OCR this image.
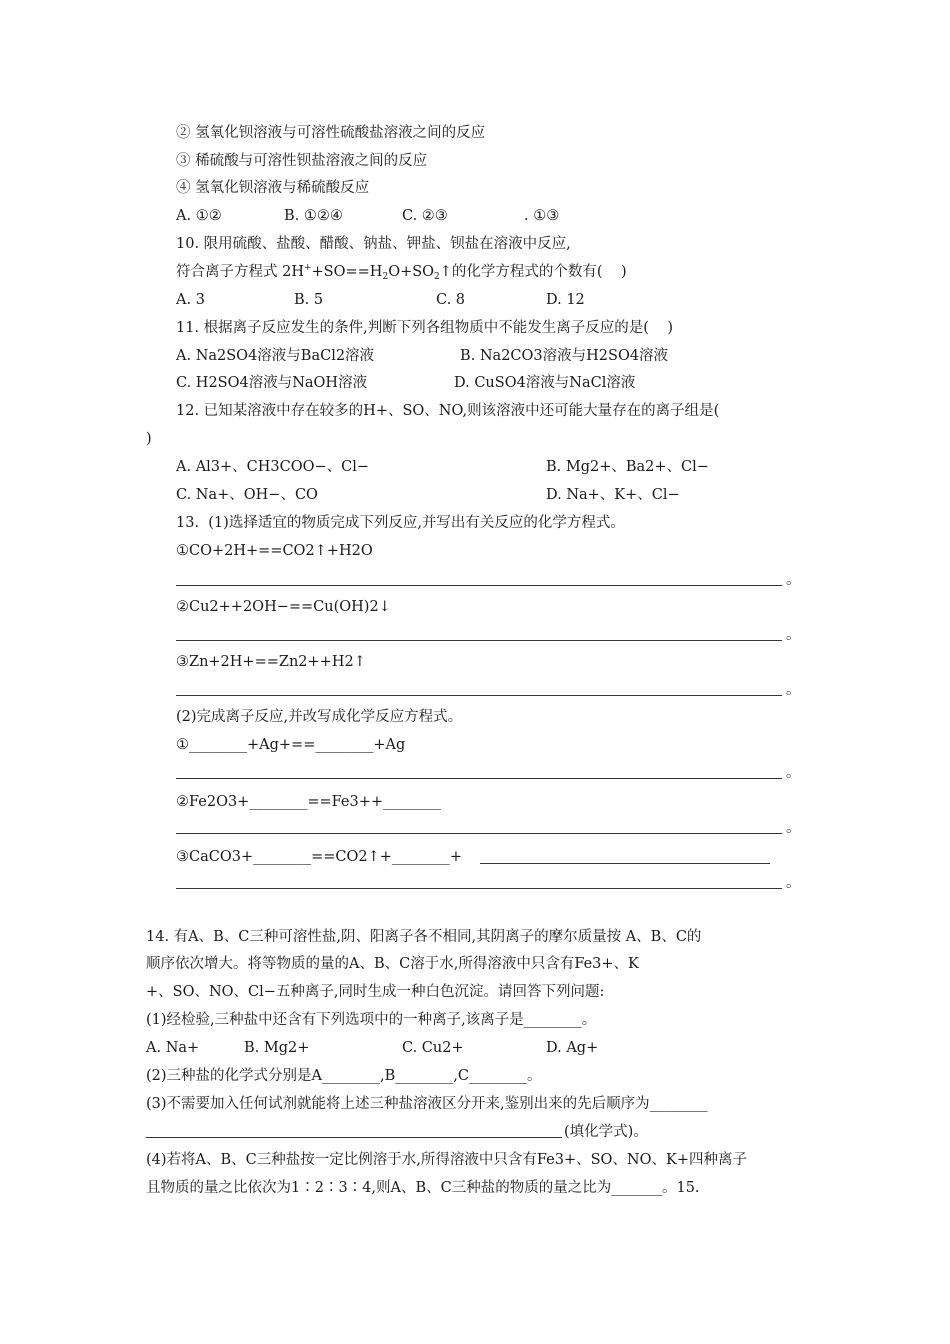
② 氢氧化钡溶液与可溶性硫酸盐溶液之间的反应
③ 稀硫酸与可溶性钡盐溶液之间的反应
④ 氢氧化钡溶液与稀硫酸反应
A. ①②	B. ①②④	C. ②③	. ①③
10. 限用硫酸、盐酸、醋酸、钠盐、钾盐、钡盐在溶液中反应,
符合离子方程式 $2H^++SO==H_2O+SO_2↑$的化学方程式的个数有(    )
A. 3	B. 5	C. 8	D. 12
11. 根据离子反应发生的条件,判断下列各组物质中不能发生离子反应的是(    )
A. Na2SO4溶液与BaCl2溶液	B. Na2CO3溶液与H2SO4溶液
C. H2SO4溶液与NaOH溶液	D. CuSO4溶液与NaCl溶液
12. 已知某溶液中存在较多的H+、SO、NO,则该溶液中还可能大量存在的离子组是(
)
A. Al3+、CH3COO−、Cl−	B. Mg2+、Ba2+、Cl−
C. Na+、OH−、CO	D. Na+、K+、Cl−
13.  (1)选择适宜的物质完成下列反应,并写出有关反应的化学方程式。
①CO+2H+==CO2↑+H2O
。
②Cu2++2OH−==Cu(OH)2↓
。
③Zn+2H+==Zn2++H2↑
。
(2)完成离子反应,并改写成化学反应方程式。
①________+Ag+==________+Ag
。
②Fe2O3+________==Fe3++________
。
③CaCO3+________==CO2↑+________+
。
14. 有A、B、C三种可溶性盐,阴、阳离子各不相同,其阴离子的摩尔质量按 A、B、C的
顺序依次增大。将等物质的量的A、B、C溶于水,所得溶液中只含有Fe3+、K
+、SO、NO、Cl−五种离子,同时生成一种白色沉淀。请回答下列问题:
(1)经检验,三种盐中还含有下列选项中的一种离子,该离子是________。
A. Na+	B. Mg2+	C. Cu2+	D. Ag+
(2)三种盐的化学式分别是A________,B________,C________。
(3)不需要加入任何试剂就能将上述三种盐溶液区分开来,鉴别出来的先后顺序为________
(填化学式)。
(4)若将A、B、C三种盐按一定比例溶于水,所得溶液中只含有Fe3+、SO、NO、K+四种离子
且物质的量之比依次为1∶2∶3∶4,则A、B、C三种盐的物质的量之比为_______。15.
